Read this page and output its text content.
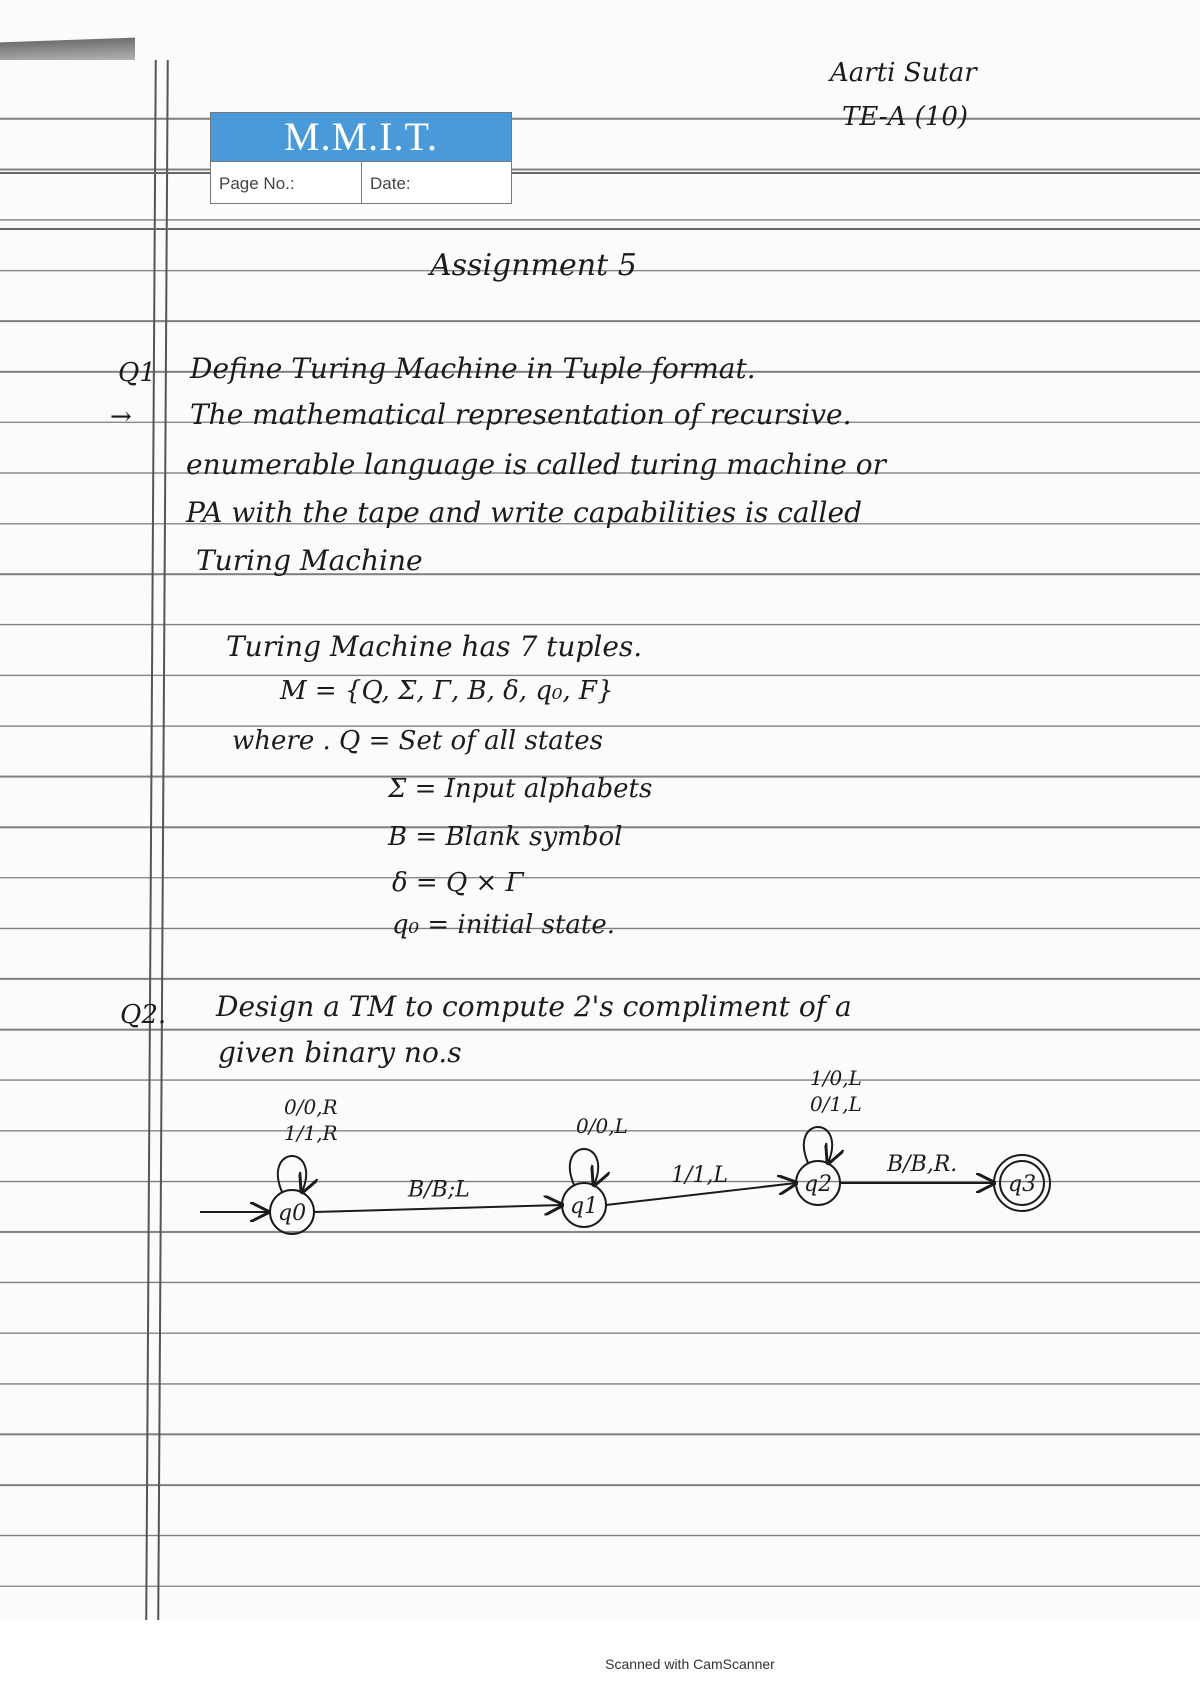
M.M.I.T.
Page No.:	Date:
Aarti Sutar
TE-A (10)
Assignment 5
Q1 Define Turing Machine in Tuple format.
→ The mathematical representation of recursive.
enumerable language is called turing machine or
PA with the tape and write capabilities is called
Turing Machine
Turing Machine has 7 tuples.
M = {Q, Σ, Γ, B, δ, q₀, F}
where . Q = Set of all states
Σ = Input alphabets
B = Blank symbol
δ = Q × Γ
q₀ = initial state.
Q2. Design a TM to compute 2's compliment of a
given binary no.s
q0	q1
q2	q3
0/0,R
1/1,R	0/0,L
1/0,L
0/1,L
B/B;L
1/1,L	B/B,R.
Scanned with CamScanner
